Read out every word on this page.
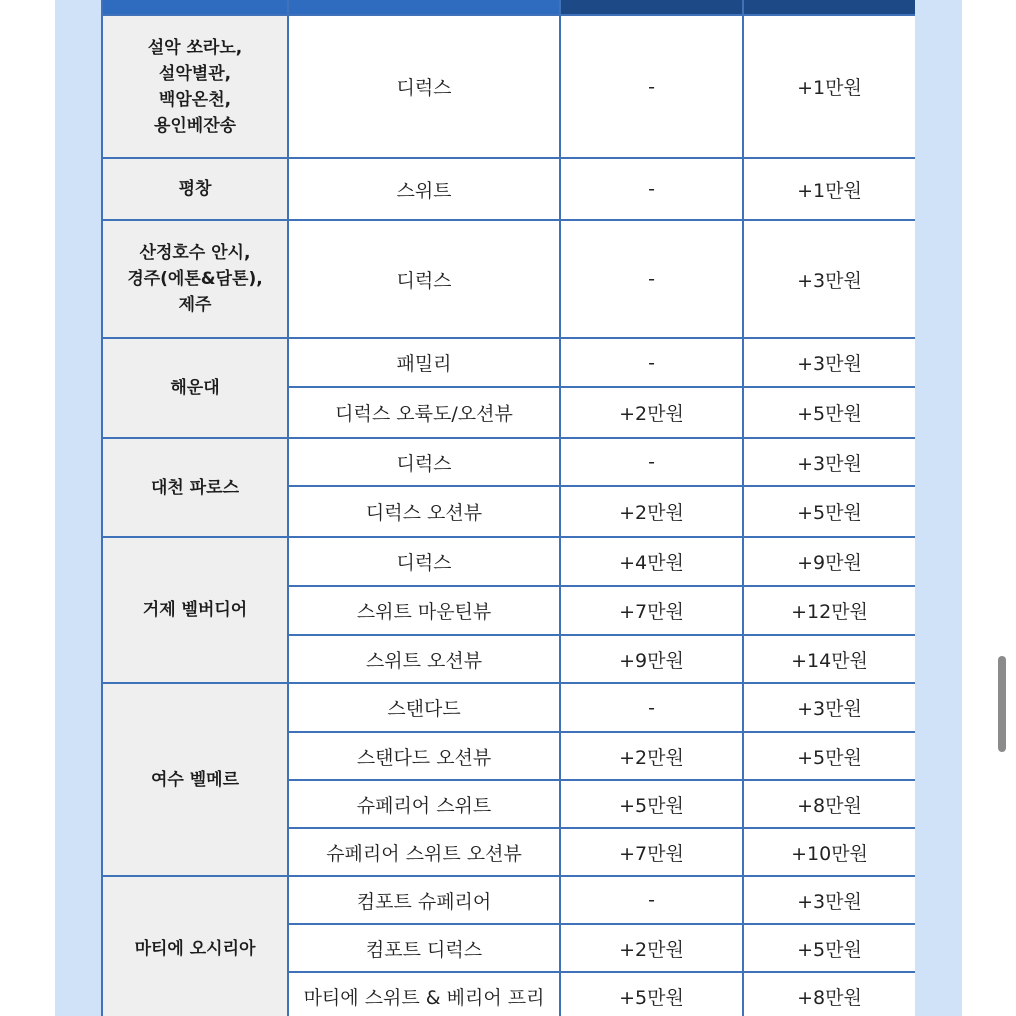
설악 쏘라노,
설악별관,
백암온천,
용인베잔송	디럭스	-	+1만원

평창	스위트	-	+1만원

산정호수 안시,
경주(에톤&담톤),
제주	디럭스	-	+3만원

해운대	패밀리	-	+3만원
	디럭스 오륙도/오션뷰	+2만원	+5만원

대천 파로스	디럭스	-	+3만원
	디럭스 오션뷰	+2만원	+5만원

거제 벨버디어	디럭스	+4만원	+9만원
	스위트 마운틴뷰	+7만원	+12만원
	스위트 오션뷰	+9만원	+14만원

여수 벨메르	스탠다드	-	+3만원
	스탠다드 오션뷰	+2만원	+5만원
	슈페리어 스위트	+5만원	+8만원
	슈페리어 스위트 오션뷰	+7만원	+10만원

마티에 오시리아	컴포트 슈페리어	-	+3만원
	컴포트 디럭스	+2만원	+5만원
	마티에 스위트 & 베리어 프리	+5만원	+8만원
